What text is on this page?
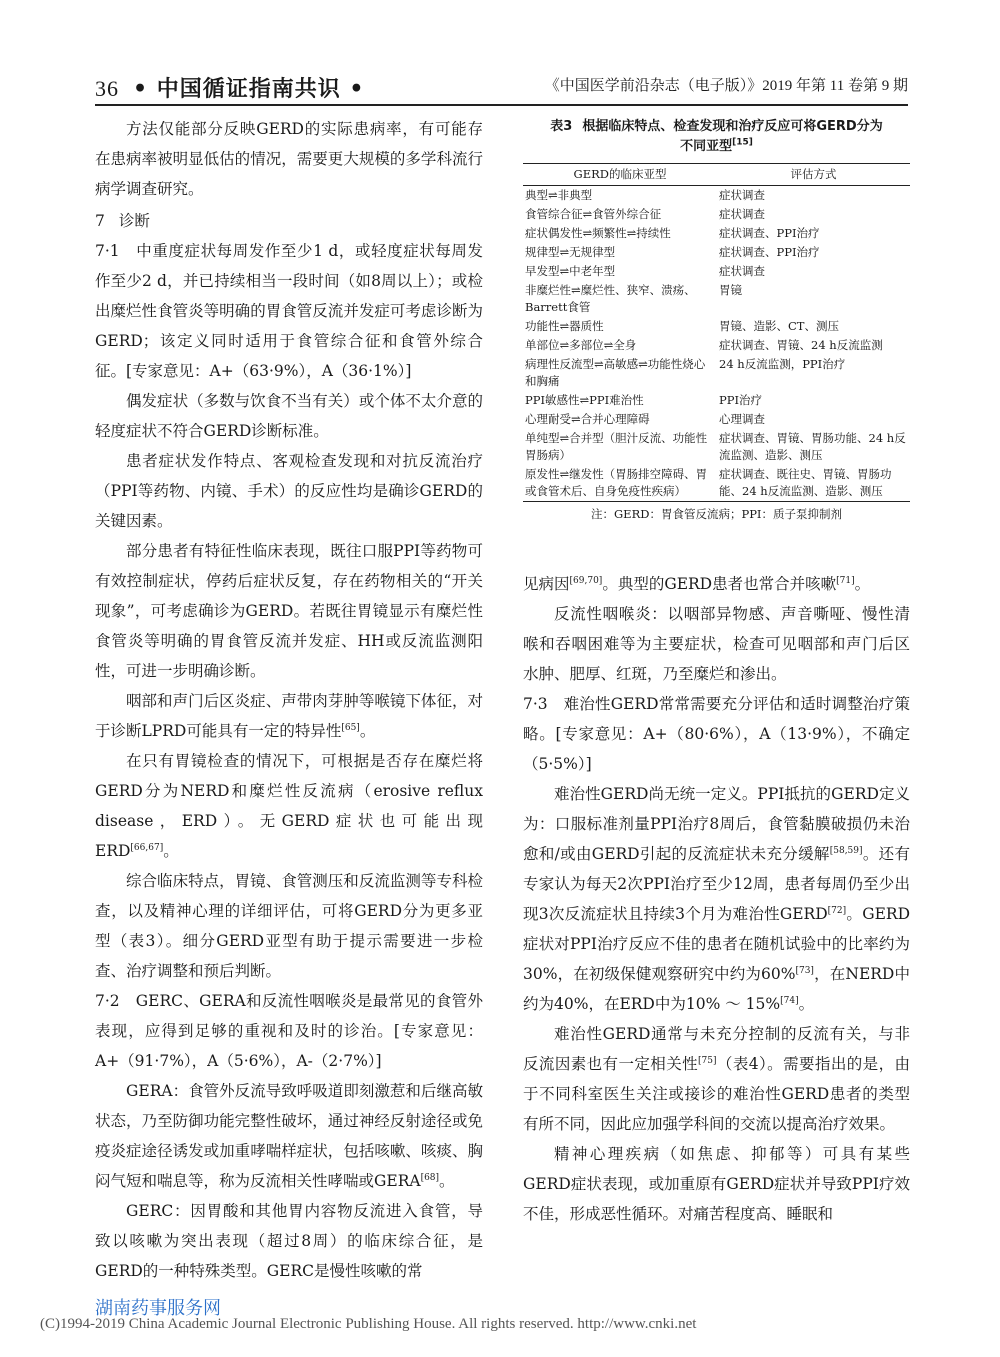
36 • 中国循证指南共识 •	《中国医学前沿杂志（电子版）》2019 年第 11 卷第 9 期

方法仅能部分反映GERD的实际患病率，有可能存在患病率被明显低估的情况，需要更大规模的多学科流行病学调查研究。

7 诊断

7·1　中重度症状每周发作至少1 d，或轻度症状每周发作至少2 d，并已持续相当一段时间（如8周以上）；或检出糜烂性食管炎等明确的胃食管反流并发症可考虑诊断为GERD；该定义同时适用于食管综合征和食管外综合征。[专家意见：A+（63·9%），A（36·1%）]

偶发症状（多数与饮食不当有关）或个体不太介意的轻度症状不符合GERD诊断标准。

患者症状发作特点、客观检查发现和对抗反流治疗（PPI等药物、内镜、手术）的反应性均是确诊GERD的关键因素。

部分患者有特征性临床表现，既往口服PPI等药物可有效控制症状，停药后症状反复，存在药物相关的“开关现象”，可考虑确诊为GERD。若既往胃镜显示有糜烂性食管炎等明确的胃食管反流并发症、HH或反流监测阳性，可进一步明确诊断。

咽部和声门后区炎症、声带肉芽肿等喉镜下体征，对于诊断LPRD可能具有一定的特异性[65]。

在只有胃镜检查的情况下，可根据是否存在糜烂将GERD分为NERD和糜烂性反流病（erosive reflux disease，ERD）。无GERD症状也可能出现ERD[66,67]。

综合临床特点，胃镜、食管测压和反流监测等专科检查，以及精神心理的详细评估，可将GERD分为更多亚型（表3）。细分GERD亚型有助于提示需要进一步检查、治疗调整和预后判断。

7·2　GERC、GERA和反流性咽喉炎是最常见的食管外表现，应得到足够的重视和及时的诊治。[专家意见：A+（91·7%），A（5·6%），A-（2·7%）]

GERA：食管外反流导致呼吸道即刻激惹和后继高敏状态，乃至防御功能完整性破坏，通过神经反射途径或免疫炎症途径诱发或加重哮喘样症状，包括咳嗽、咳痰、胸闷气短和喘息等，称为反流相关性哮喘或GERA[68]。

GERC：因胃酸和其他胃内容物反流进入食管，导致以咳嗽为突出表现（超过8周）的临床综合征，是GERD的一种特殊类型。GERC是慢性咳嗽的常

表3 根据临床特点、检查发现和治疗反应可将GERD分为
不同亚型[15]
GERD的临床亚型	评估方式
典型⇌非典型	症状调查
食管综合征⇌食管外综合征	症状调查
症状偶发性⇌频繁性⇌持续性	症状调查、PPI治疗
规律型⇌无规律型	症状调查、PPI治疗
早发型⇌中老年型	症状调查
非糜烂性⇌糜烂性、狭窄、溃疡、Barrett食管	胃镜
功能性⇌器质性	胃镜、造影、CT、测压
单部位⇌多部位⇌全身	症状调查、胃镜、24 h反流监测
病理性反流型⇌高敏感⇌功能性烧心和胸痛	24 h反流监测，PPI治疗
PPI敏感性⇌PPI难治性	PPI治疗
心理耐受⇌合并心理障碍	心理调查
单纯型⇌合并型（胆汁反流、功能性胃肠病）	症状调查、胃镜、胃肠功能、24 h反流监测、造影、测压
原发性⇌继发性（胃肠排空障碍、胃或食管术后、自身免疫性疾病）	症状调查、既往史、胃镜、胃肠功能、24 h反流监测、造影、测压
注：GERD：胃食管反流病；PPI：质子泵抑制剂

见病因[69,70]。典型的GERD患者也常合并咳嗽[71]。

反流性咽喉炎：以咽部异物感、声音嘶哑、慢性清喉和吞咽困难等为主要症状，检查可见咽部和声门后区水肿、肥厚、红斑，乃至糜烂和渗出。

7·3　难治性GERD常常需要充分评估和适时调整治疗策略。[专家意见：A+（80·6%），A（13·9%），不确定（5·5%）]

难治性GERD尚无统一定义。PPI抵抗的GERD定义为：口服标准剂量PPI治疗8周后，食管黏膜破损仍未治愈和/或由GERD引起的反流症状未充分缓解[58,59]。还有专家认为每天2次PPI治疗至少12周，患者每周仍至少出现3次反流症状且持续3个月为难治性GERD[72]。GERD症状对PPI治疗反应不佳的患者在随机试验中的比率约为30%，在初级保健观察研究中约为60%[73]，在NERD中约为40%，在ERD中为10% ～ 15%[74]。

难治性GERD通常与未充分控制的反流有关，与非反流因素也有一定相关性[75]（表4）。需要指出的是，由于不同科室医生关注或接诊的难治性GERD患者的类型有所不同，因此应加强学科间的交流以提高治疗效果。

精神心理疾病（如焦虑、抑郁等）可具有某些GERD症状表现，或加重原有GERD症状并导致PPI疗效不佳，形成恶性循环。对痛苦程度高、睡眠和

湖南药事服务网
(C)1994-2019 China Academic Journal Electronic Publishing House. All rights reserved. http://www.cnki.net
